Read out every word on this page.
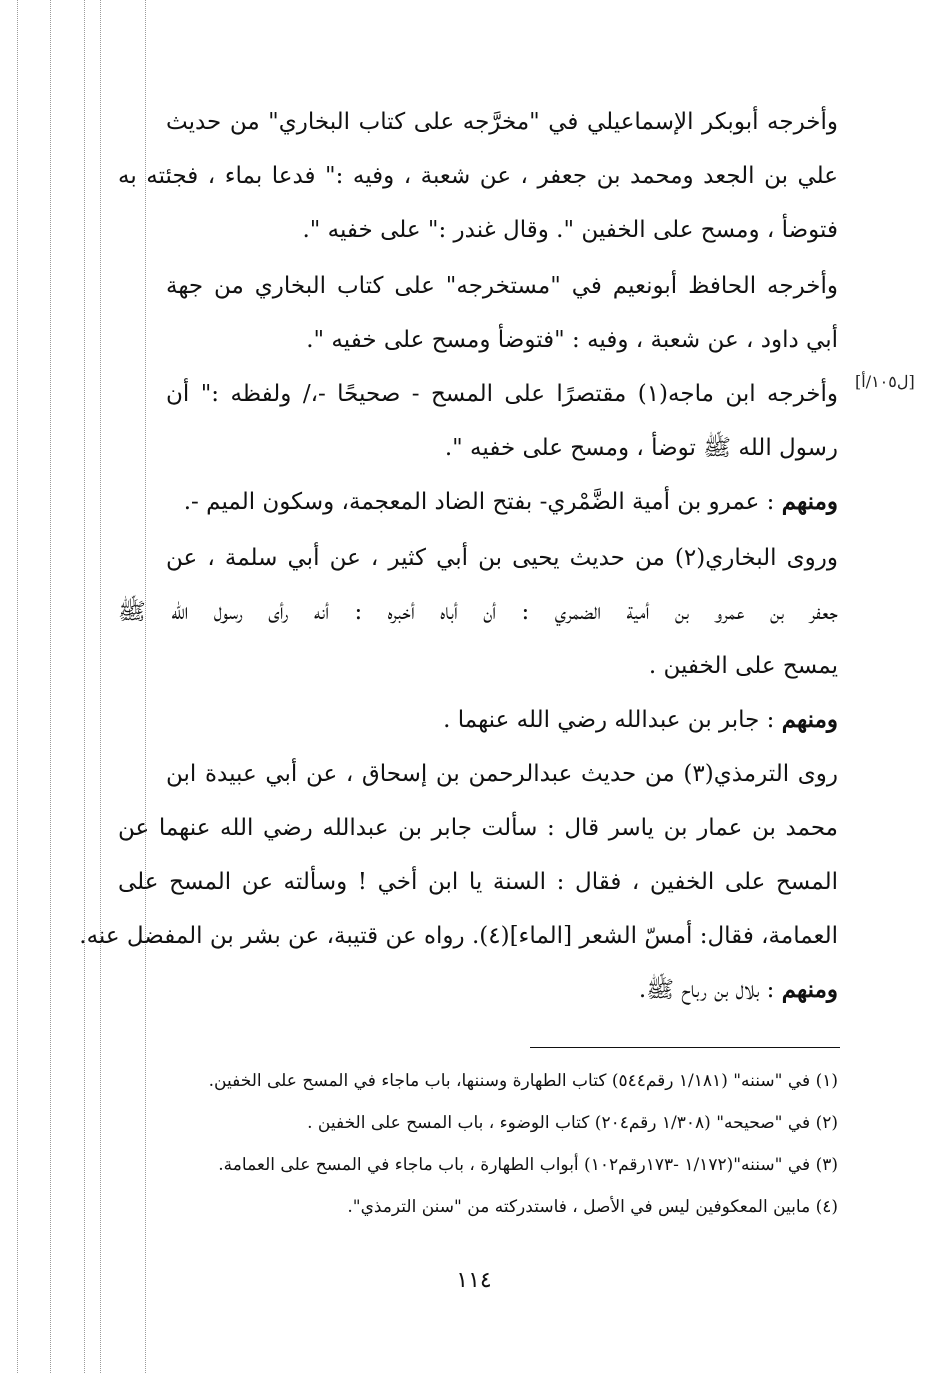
وأخرجه أبوبكر الإسماعيلي في "مخرَّجه على كتاب البخاري" من حديث
علي بن الجعد ومحمد بن جعفر ، عن شعبة ، وفيه :" فدعا بماء ، فجئته به
فتوضأ ، ومسح على الخفين ". وقال غندر :" على خفيه ".
وأخرجه الحافظ أبونعيم في "مستخرجه" على كتاب البخاري من جهة
أبي داود ، عن شعبة ، وفيه : "فتوضأ ومسح على خفيه ".
وأخرجه ابن ماجه(١) مقتصرًا على المسح - صحيحًا -،/ ولفظه :" أن
رسول الله ﷺ توضأ ، ومسح على خفيه ".
ومنهم : عمرو بن أمية الضَّمْري- بفتح الضاد المعجمة، وسكون الميم -.
وروى البخاري(٢) من حديث يحيى بن أبي كثير ، عن أبي سلمة ، عن
جعفر بن عمرو بن أمية الضمري : أن أباه أخبره : أنه رأى رسول الله ﷺ
يمسح على الخفين .
ومنهم : جابر بن عبدالله رضي الله عنهما .
روى الترمذي(٣) من حديث عبدالرحمن بن إسحاق ، عن أبي عبيدة ابن
محمد بن عمار بن ياسر قال : سألت جابر بن عبدالله رضي الله عنهما عن
المسح على الخفين ، فقال : السنة يا ابن أخي ! وسألته عن المسح على
العمامة، فقال: أمسّ الشعر [الماء](٤). رواه عن قتيبة، عن بشر بن المفضل عنه.
ومنهم : بلال بن رباح ﷺ.
[ل١٠٥/أ]
(١) في "سننه" (١/١٨١ رقم٥٤٤) كتاب الطهارة وسننها، باب ماجاء في المسح على الخفين.
(٢) في "صحيحه" (١/٣٠٨ رقم٢٠٤) كتاب الوضوء ، باب المسح على الخفين .
(٣) في "سننه"(١/١٧٢ -١٧٣رقم١٠٢) أبواب الطهارة ، باب ماجاء في المسح على العمامة.
(٤) مابين المعكوفين ليس في الأصل ، فاستدركته من "سنن الترمذي".
١١٤
